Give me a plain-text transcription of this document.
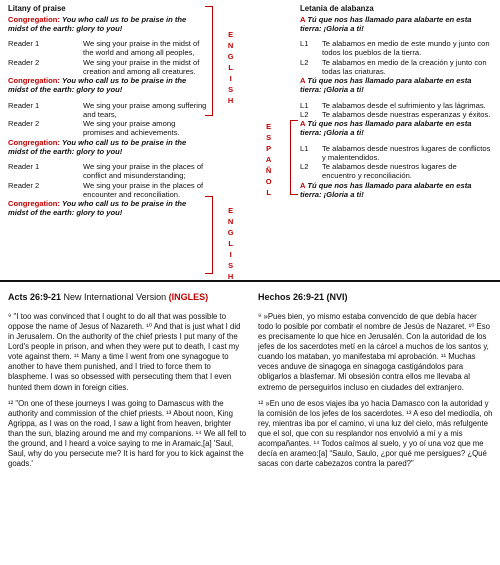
Litany of praise
Congregation: You who call us to be praise in the midst of the earth: glory to you!
Reader 1	We sing your praise in the midst of the world and among all peoples,
Reader 2	We sing your praise in the midst of creation and among all creatures.
Congregation: You who call us to be praise in the midst of the earth: glory to you!
Reader 1	We sing your praise among suffering and tears,
Reader 2	We sing your praise among promises and achievements.
Congregation: You who call us to be praise in the midst of the earth: glory to you!
Reader 1	We sing your praise in the places of conflict and misunderstanding;
Reader 2	We sing your praise in the places of encounter and reconciliation.
Congregation: You who call us to be praise in the midst of the earth: glory to you!
ENGLISH
ESPAÑOL
ENGLISH
Letania de alabanza
A Tú que nos has llamado para alabarte en esta tierra: ¡Gloria a ti!
L1	Te alabamos en medio de este mundo y junto con todos los pueblos de la tierra.
L2	Te alabamos en medio de la creación y junto con todas las criaturas.
A Tú que nos has llamado para alabarte en esta tierra: ¡Gloria a ti!
L1	Te alabamos desde el sufrimiento y las lágrimas.
L2	Te alabamos desde nuestras esperanzas y éxitos.
A Tú que nos has llamado para alabarte en esta tierra: ¡Gloria a ti!
L1	Te alabamos desde nuestros lugares de conflictos y malentendidos.
L2	Te alabamos desde nuestros lugares de encuentro y reconciliación.
A Tú que nos has llamado para alabarte en esta tierra: ¡Gloria a ti!
Acts 26:9-21 New International Version (INGLES)

⁹ "I too was convinced that I ought to do all that was possible to oppose the name of Jesus of Nazareth. ¹⁰ And that is just what I did in Jerusalem. On the authority of the chief priests I put many of the Lord's people in prison, and when they were put to death, I cast my vote against them. ¹¹ Many a time I went from one synagogue to another to have them punished, and I tried to force them to blaspheme. I was so obsessed with persecuting them that I even hunted them down in foreign cities.

¹² "On one of these journeys I was going to Damascus with the authority and commission of the chief priests. ¹³ About noon, King Agrippa, as I was on the road, I saw a light from heaven, brighter than the sun, blazing around me and my companions. ¹⁴ We all fell to the ground, and I heard a voice saying to me in Aramaic,[a] 'Saul, Saul, why do you persecute me? It is hard for you to kick against the goads.'

Hechos 26:9-21 (NVI)

⁹ »Pues bien, yo mismo estaba convencido de que debía hacer todo lo posible por combatir el nombre de Jesús de Nazaret. ¹⁰ Eso es precisamente lo que hice en Jerusalén. Con la autoridad de los jefes de los sacerdotes metí en la cárcel a muchos de los santos y, cuando los mataban, yo manifestaba mi aprobación. ¹¹ Muchas veces anduve de sinagoga en sinagoga castigándolos para obligarlos a blasfemar. Mi obsesión contra ellos me llevaba al extremo de perseguirlos incluso en ciudades del extranjero.

¹² »En uno de esos viajes iba yo hacia Damasco con la autoridad y la comisión de los jefes de los sacerdotes. ¹³ A eso del mediodía, oh rey, mientras iba por el camino, vi una luz del cielo, más refulgente que el sol, que con su resplandor nos envolvió a mí y a mis acompañantes. ¹⁴ Todos caímos al suelo, y yo oí una voz que me decía en arameo:[a] “Saulo, Saulo, ¿por qué me persigues? ¿Qué sacas con darte cabezazos contra la pared?”
